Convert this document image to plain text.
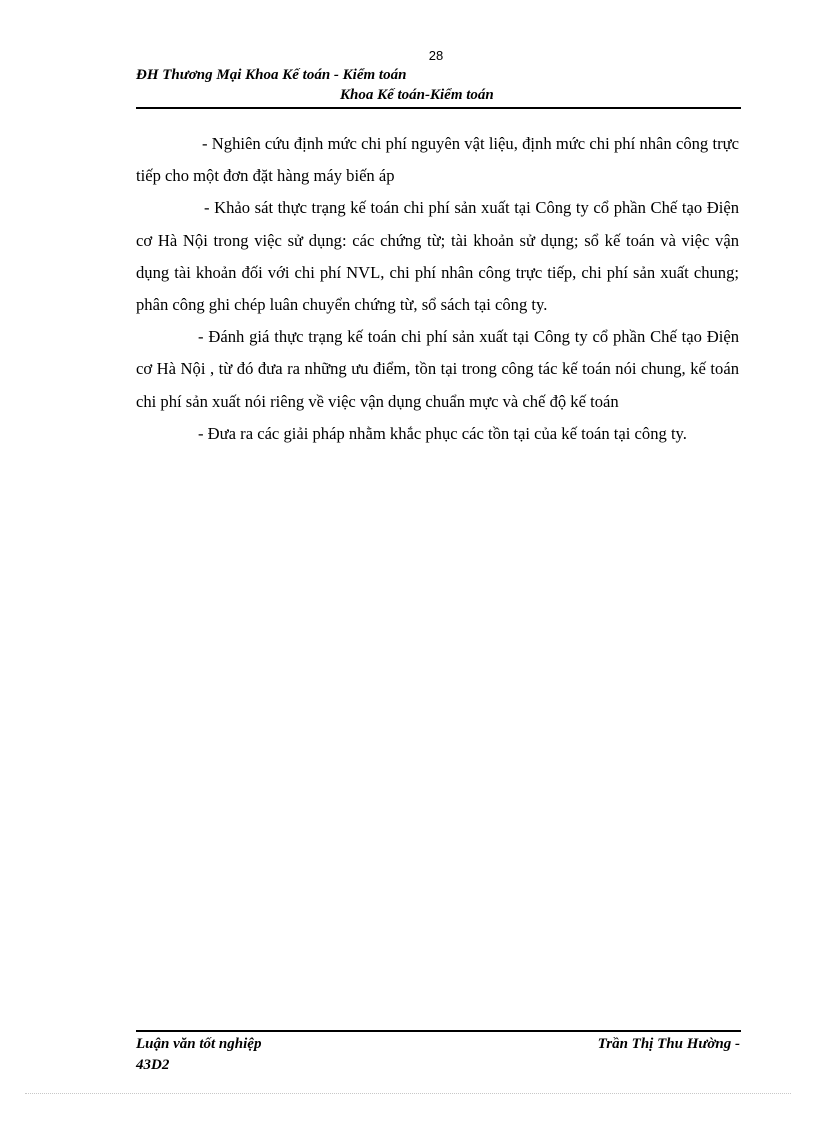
28
ĐH Thương Mại Khoa Kế toán - Kiểm toán
Khoa Kế toán-Kiểm toán

- Nghiên cứu định mức chi phí nguyên vật liệu, định mức chi phí nhân công trực tiếp cho một đơn đặt hàng máy biến áp

- Khảo sát thực trạng kế toán chi phí sản xuất tại Công ty cổ phần Chế tạo Điện cơ Hà Nội trong việc sử dụng: các chứng từ; tài khoản sử dụng; sổ kế toán và việc vận dụng tài khoản đối với chi phí NVL, chi phí nhân công trực tiếp, chi phí sản xuất chung; phân công ghi chép luân chuyển chứng từ, sổ sách tại công ty.

- Đánh giá thực trạng kế toán chi phí sản xuất tại Công ty cổ phần Chế tạo Điện cơ Hà Nội , từ đó đưa ra những ưu điểm, tồn tại trong công tác kế toán nói chung, kế toán chi phí sản xuất nói riêng về việc vận dụng chuẩn mực và chế độ kế toán

- Đưa ra các giải pháp nhằm khắc phục các tồn tại của kế toán tại công ty.

Luận văn tốt nghiệp	Trần Thị Thu Hường -
43D2
